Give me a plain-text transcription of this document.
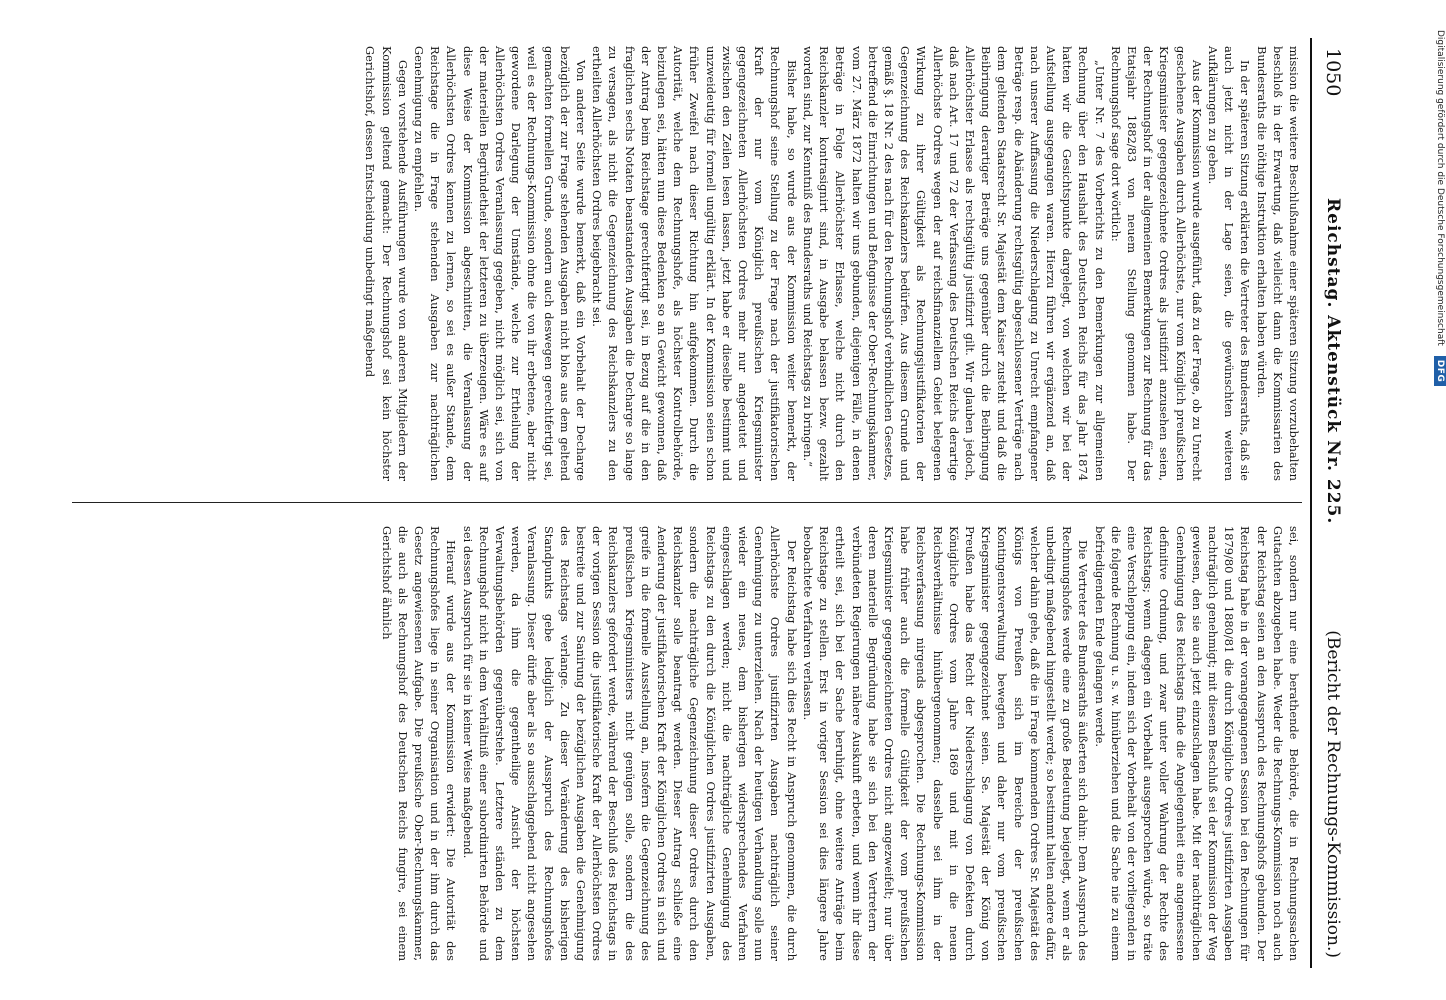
1050
Reichstag. Aktenstück Nr. 225.
(Bericht der Rechnungs-Kommission.)

mission die weitere Beschlußnahme einer späteren Sitzung vorzubehalten beschloß in der Erwartung, daß vielleicht dann die Kommissarien des Bundesraths die nöthige Instruktion erhalten haben würden.

In der späteren Sitzung erklärten die Vertreter des Bundesraths, daß sie auch jetzt nicht in der Lage seien, die gewünschten weiteren Aufklärungen zu geben.

Aus der Kommission wurde ausgeführt, daß zu der Frage, ob zu Unrecht geschehene Ausgaben durch Allerhöchste, nur vom Königlich preußischen Kriegsminister gegengezeichnete Ordres als justifizirt anzusehen seien, der Rechnungshof in der allgemeinen Bemerkungen zur Rechnung für das Etatsjahr 1882/83 von neuem Stellung genommen habe. Der Rechnungshof sage dort wörtlich:

„Unter Nr. 7 des Vorberichts zu den Bemerkungen zur allgemeinen Rechnung über den Haushalt des Deutschen Reichs für das Jahr 1874 hatten wir die Gesichtspunkte dargelegt, von welchen wir bei der Aufstellung ausgegangen waren. Hierzu führen wir ergänzend an, daß nach unserer Auffassung die Niederschlagung zu Unrecht empfangener Beträge resp. die Abänderung rechtsgültig abgeschlossener Verträge nach dem geltenden Staatsrecht Sr. Majestät dem Kaiser zusteht und daß die Beibringung derartiger Beträge uns gegenüber durch die Beibringung Allerhöchster Erlasse als rechtsgültig justifizirt gilt. Wir glauben jedoch, daß nach Art. 17 und 72 der Verfassung des Deutschen Reichs derartige Allerhöchste Ordres wegen der auf reichsfinanziellem Gebiet belegenen Wirkung zu ihrer Gültigkeit als Rechnungsjustifikatorien der Gegenzeichnung des Reichskanzlers bedürfen. Aus diesem Grunde und gemäß §. 18 Nr. 2 des nach für den Rechnungshof verbindlichen Gesetzes, betreffend die Einrichtungen und Befugnisse der Ober-Rechnungskammer, vom 27. März 1872 halten wir uns gebunden, diejenigen Fälle, in denen Beträge in Folge Allerhöchster Erlasse, welche nicht durch den Reichskanzler kontrasignirt sind, in Ausgabe belassen bezw. gezahlt worden sind, zur Kenntniß des Bundesraths und Reichstags zu bringen.“

Bisher habe, so wurde aus der Kommission weiter bemerkt, der Rechnungshof seine Stellung zu der Frage nach der justifikatorischen Kraft der nur vom Königlich preußischen Kriegsminister gegengezeichneten Allerhöchsten Ordres mehr nur angedeutet und zwischen den Zeilen lesen lassen, jetzt habe er dieselbe bestimmt und unzweideutig für formell ungültig erklärt. In der Kommission seien schon früher Zweifel nach dieser Richtung hin aufgekommen. Durch die Autorität, welche dem Rechnungshofe, als höchster Kontrolbehörde, beizulegen sei, hätten nun diese Bedenken so an Gewicht gewonnen, daß der Antrag beim Reichstage gerechtfertigt sei, in Bezug auf die in den fraglichen sechs Notaten beanstandeten Ausgaben die Decharge so lange zu versagen, als nicht die Gegenzeichnung des Reichskanzlers zu den ertheilten Allerhöchsten Ordres beigebracht sei.

Von anderer Seite wurde bemerkt, daß ein Vorbehalt der Decharge bezüglich der zur Frage stehenden Ausgaben nicht blos aus dem geltend gemachten formellen Grunde, sondern auch deswegen gerechtfertigt sei, weil es der Rechnungs-Kommission ohne die von ihr erbetene, aber nicht gewordene Darlegung der Umstände, welche zur Ertheilung der Allerhöchsten Ordres Veranlassung gegeben, nicht möglich sei, sich von der materiellen Begründetheit der letzteren zu überzeugen. Wäre es auf diese Weise der Kommission abgeschnitten, die Veranlassung der Allerhöchsten Ordres kennen zu lernen, so sei es außer Stande, dem Reichstage die in Frage stehenden Ausgaben zur nachträglichen Genehmigung zu empfehlen.

Gegen vorstehende Ausführungen wurde von anderen Mitgliedern der Kommission geltend gemacht: Der Rechnungshof sei kein höchster Gerichtshof, dessen Entscheidung unbedingt maßgebend

sei, sondern nur eine berathende Behörde, die in Rechnungssachen Gutachten abzugeben habe. Weder die Rechnungs-Kommission noch auch der Reichstag seien an den Ausspruch des Rechnungshofs gebunden. Der Reichstag habe in der vorangegangenen Session bei den Rechnungen für 1879/80 und 1880/81 die durch Königliche Ordres justifizirten Ausgaben nachträglich genehmigt; mit diesem Beschluß sei der Kommission der Weg gewiesen, den sie auch jetzt einzuschlagen habe. Mit der nachträglichen Genehmigung des Reichstags finde die Angelegenheit eine angemessene definitive Ordnung, und zwar unter voller Wahrung der Rechte des Reichstags; wenn dagegen ein Vorbehalt ausgesprochen würde, so träte eine Verschleppung ein, indem sich der Vorbehalt von der vorliegenden in die folgende Rechnung u. s. w. hinüberziehen und die Sache nie zu einem befriedigenden Ende gelangen werde.

Die Vertreter des Bundesraths äußerten sich dahin: Dem Ausspruch des Rechnungshofes werde eine zu große Bedeutung beigelegt, wenn er als unbedingt maßgebend hingestellt werde; so bestimmt halten andere dafür, welcher dahin gehe, daß die in Frage kommenden Ordres Sr. Majestät des Königs von Preußen sich im Bereiche der preußischen Kontingentsverwaltung bewegten und daher nur vom preußischen Kriegsminister gegengezeichnet seien. Se. Majestät der König von Preußen habe das Recht der Niederschlagung von Defekten durch Königliche Ordres vom Jahre 1869 und mit in die neuen Reichsverhältnisse hinübergenommen; dasselbe sei ihm in der Reichsverfassung nirgends abgesprochen. Die Rechnungs-Kommission habe früher auch die formelle Gültigkeit der vom preußischen Kriegsminister gegengezeichneten Ordres nicht angezweifelt; nur über deren materielle Begründung habe sie sich bei den Vertretern der verbündeten Regierungen nähere Auskunft erbeten, und wenn ihr diese ertheilt sei, sich bei der Sache beruhigt, ohne weitere Anträge beim Reichstage zu stellen. Erst in voriger Session sei dies längere Jahre beobachtete Verfahren verlassen.

Der Reichstag habe sich dies Recht in Anspruch genommen, die durch Allerhöchste Ordres justifizirten Ausgaben nachträglich seiner Genehmigung zu unterziehen. Nach der heutigen Verhandlung solle nun wieder ein neues, dem bisherigen widersprechendes Verfahren eingeschlagen werden; nicht die nachträgliche Genehmigung des Reichstags zu den durch die Königlichen Ordres justifizirten Ausgaben, sondern die nachträgliche Gegenzeichnung dieser Ordres durch den Reichskanzler solle beantragt werden. Dieser Antrag schließe eine Aenderung der justifikatorischen Kraft der Königlichen Ordres in sich und greife in die formelle Ausstellung an, insofern die Gegenzeichnung des preußischen Kriegsministers nicht genügen solle, sondern die des Reichskanzlers gefordert werde, während der Beschluß des Reichstags in der vorigen Session die justifikatorische Kraft der Allerhöchsten Ordres bestreite und zur Sanirung der bezüglichen Ausgaben die Genehmigung des Reichstags verlange. Zu dieser Veränderung des bisherigen Standpunkts gebe lediglich der Ausspruch des Rechnungshofes Veranlassung. Dieser dürfe aber als so ausschlaggebend nicht angesehen werden, da ihm die gegentheilige Ansicht der höchsten Verwaltungsbehörden gegenüberstehe. Letztere ständen zu dem Rechnungshof nicht in dem Verhältniß einer subordinirten Behörde und sei dessen Ausspruch für sie in keiner Weise maßgebend.

Hierauf wurde aus der Kommission erwidert: Die Autorität des Rechnungshofes liege in seiner Organisation und in der ihm durch das Gesetz angewiesenen Aufgabe. Die preußische Ober-Rechnungskammer, die auch als Rechnungshof des Deutschen Reichs fungire, sei einem Gerichtshof ähnlich

Digitalisierung gefördert durch die Deutsche Forschungsgemeinschaft
DFG
